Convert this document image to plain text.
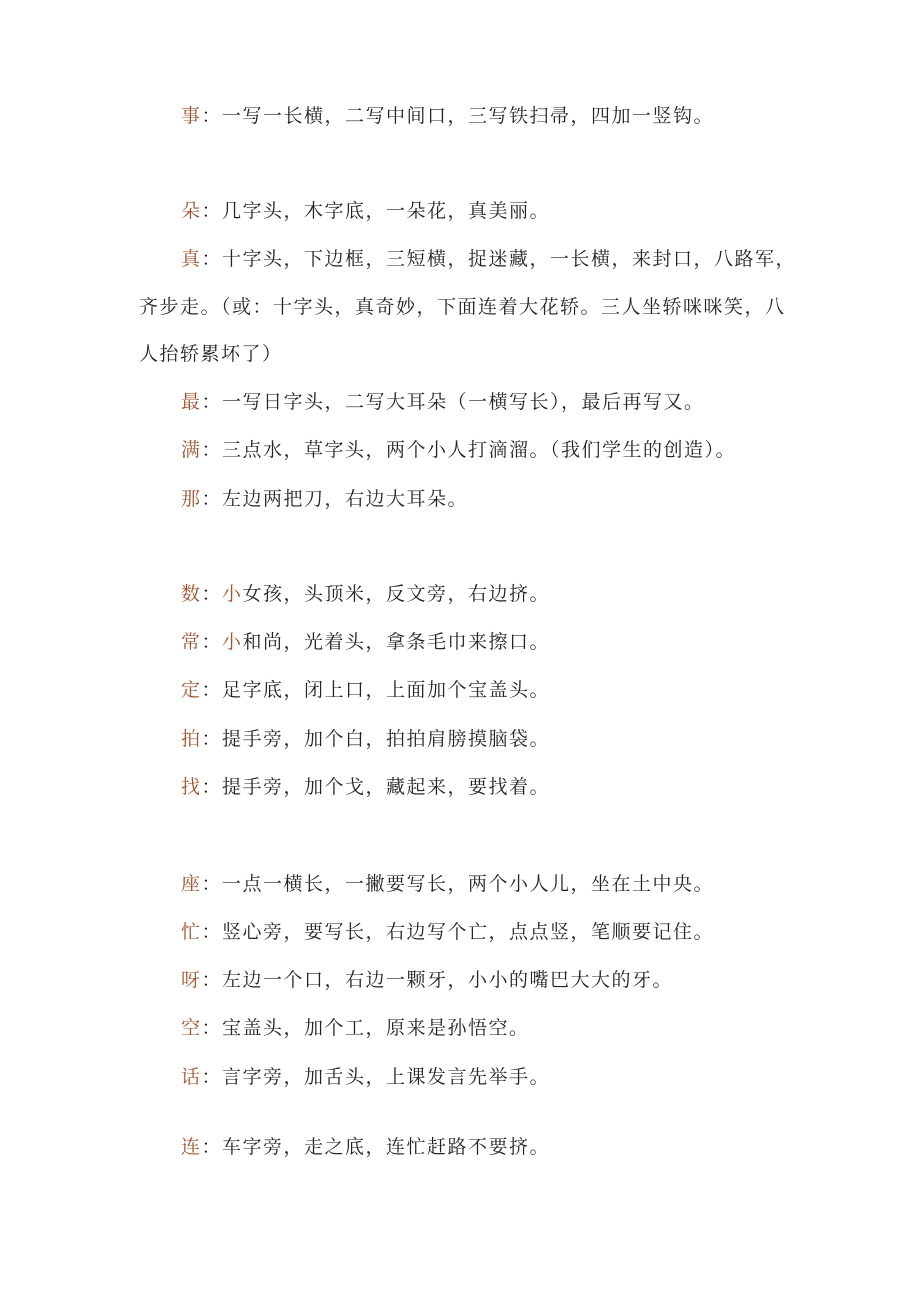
事：一写一长横，二写中间口，三写铁扫帚，四加一竖钩。
朵：几字头，木字底，一朵花，真美丽。
真：十字头，下边框，三短横，捉迷藏，一长横，来封口，八路军，
齐步走。（或：十字头，真奇妙，下面连着大花轿。三人坐轿咪咪笑，八
人抬轿累坏了）
最：一写日字头，二写大耳朵（一横写长），最后再写又。
满：三点水，草字头，两个小人打滴溜。（我们学生的创造）。
那：左边两把刀，右边大耳朵。
数：小女孩，头顶米，反文旁，右边挤。
常：小和尚，光着头，拿条毛巾来擦口。
定：足字底，闭上口，上面加个宝盖头。
拍：提手旁，加个白，拍拍肩膀摸脑袋。
找：提手旁，加个戈，藏起来，要找着。
座：一点一横长，一撇要写长，两个小人儿，坐在土中央。
忙：竖心旁，要写长，右边写个亡，点点竖，笔顺要记住。
呀：左边一个口，右边一颗牙，小小的嘴巴大大的牙。
空：宝盖头，加个工，原来是孙悟空。
话：言字旁，加舌头，上课发言先举手。
连：车字旁，走之底，连忙赶路不要挤。
